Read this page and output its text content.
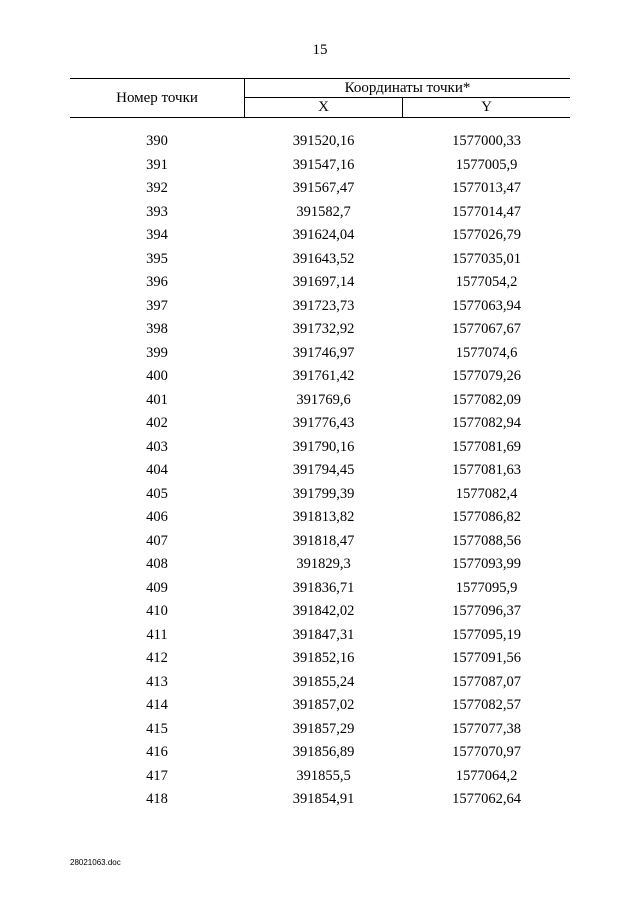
15
Номер точки
Координаты точки*
X	Y
390	391520,16	1577000,33
391	391547,16	1577005,9
392	391567,47	1577013,47
393	391582,7	1577014,47
394	391624,04	1577026,79
395	391643,52	1577035,01
396	391697,14	1577054,2
397	391723,73	1577063,94
398	391732,92	1577067,67
399	391746,97	1577074,6
400	391761,42	1577079,26
401	391769,6	1577082,09
402	391776,43	1577082,94
403	391790,16	1577081,69
404	391794,45	1577081,63
405	391799,39	1577082,4
406	391813,82	1577086,82
407	391818,47	1577088,56
408	391829,3	1577093,99
409	391836,71	1577095,9
410	391842,02	1577096,37
411	391847,31	1577095,19
412	391852,16	1577091,56
413	391855,24	1577087,07
414	391857,02	1577082,57
415	391857,29	1577077,38
416	391856,89	1577070,97
417	391855,5	1577064,2
418	391854,91	1577062,64
28021063.doc
